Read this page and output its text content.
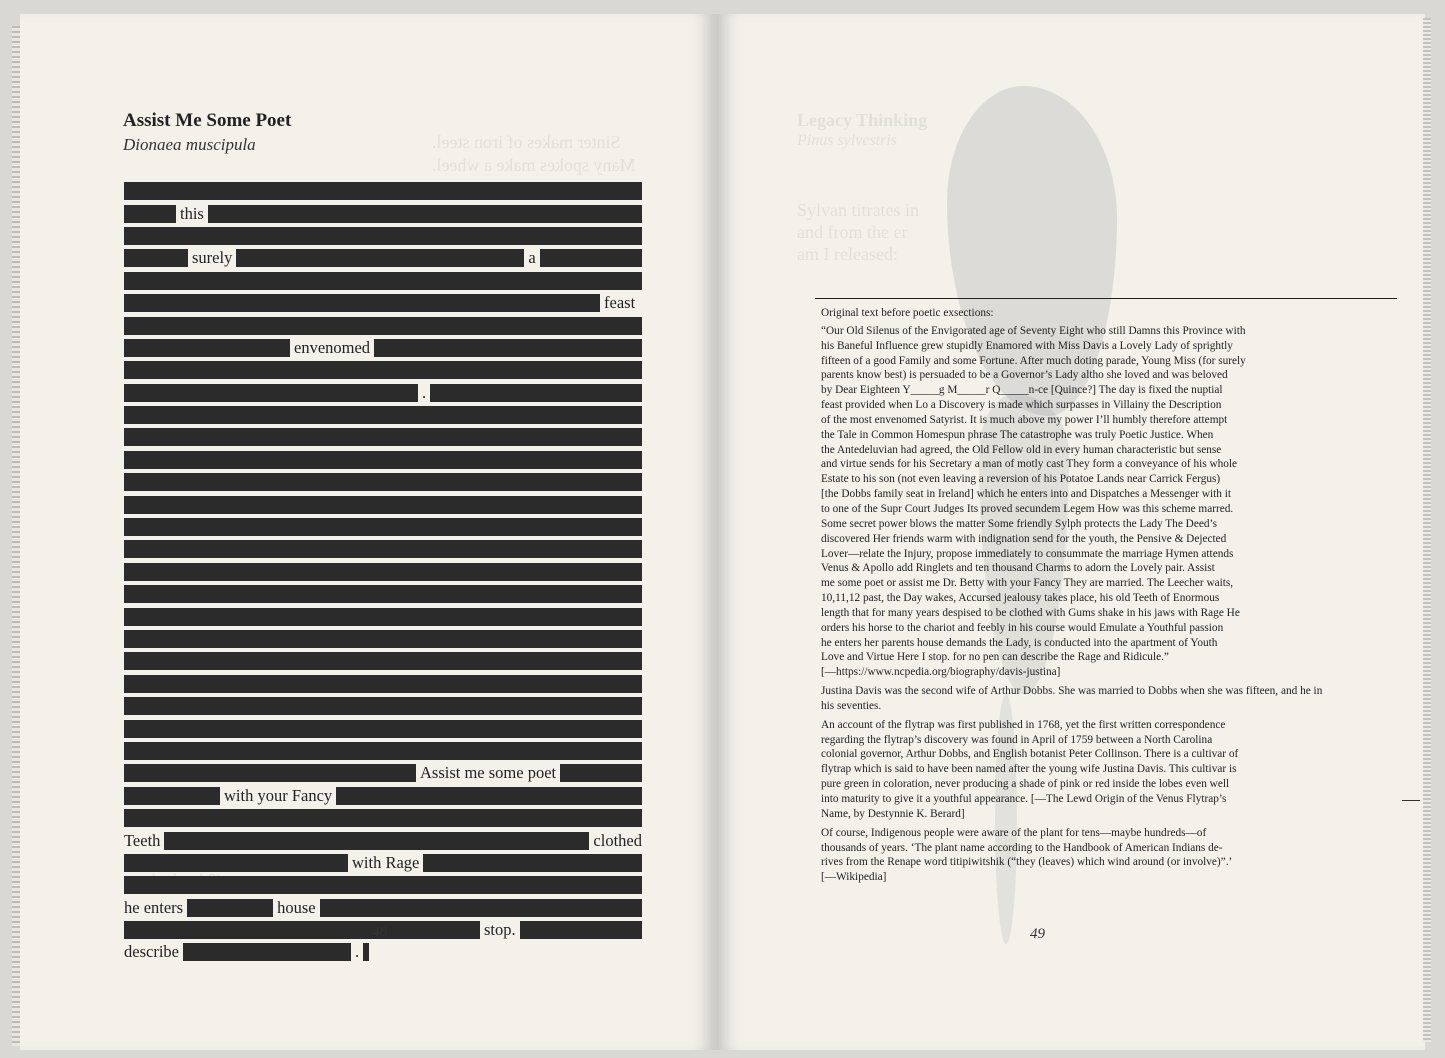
Sinter makes of iron steel.
Many spokes make a wheel.
Assist Me Some Poet
Dionaea muscipula
this
surely	a
feast
envenomed
.
Assist me some poet
with your Fancy
Teeth	clothed
with Rage
he enters	house
stop.
describe	.
48
Legacy Thinking
Pinus sylvestris
Sylvan titrates in
and from the er
am I released:

Original text before poetic exsections:

“Our Old Silenus of the Envigorated age of Seventy Eight who still Damns this Province with
his Baneful Influence grew stupidly Enamored with Miss Davis a Lovely Lady of sprightly
fifteen of a good Family and some Fortune. After much doting parade, Young Miss (for surely
parents know best) is persuaded to be a Governor’s Lady altho she loved and was beloved
by Dear Eighteen Y_____g M_____r Q_____n-ce [Quince?] The day is fixed the nuptial
feast provided when Lo a Discovery is made which surpasses in Villainy the Description
of the most envenomed Satyrist. It is much above my power I’ll humbly therefore attempt
the Tale in Common Homespun phrase The catastrophe was truly Poetic Justice. When
the Antedeluvian had agreed, the Old Fellow old in every human characteristic but sense
and virtue sends for his Secretary a man of motly cast They form a conveyance of his whole
Estate to his son (not even leaving a reversion of his Potatoe Lands near Carrick Fergus)
[the Dobbs family seat in Ireland] which he enters into and Dispatches a Messenger with it
to one of the Supr Court Judges Its proved secundem Legem How was this scheme marred.
Some secret power blows the matter Some friendly Sylph protects the Lady The Deed’s
discovered Her friends warm with indignation send for the youth, the Pensive & Dejected
Lover—relate the Injury, propose immediately to consummate the marriage Hymen attends
Venus & Apollo add Ringlets and ten thousand Charms to adorn the Lovely pair. Assist
me some poet or assist me Dr. Betty with your Fancy They are married. The Leecher waits,
10,11,12 past, the Day wakes, Accursed jealousy takes place, his old Teeth of Enormous
length that for many years despised to be clothed with Gums shake in his jaws with Rage He
orders his horse to the chariot and feebly in his course would Emulate a Youthful passion
he enters her parents house demands the Lady, is conducted into the apartment of Youth
Love and Virtue Here I stop. for no pen can describe the Rage and Ridicule.”
[—https://www.ncpedia.org/biography/davis-justina]

Justina Davis was the second wife of Arthur Dobbs. She was married to Dobbs when she was fifteen, and he in his seventies.

An account of the flytrap was first published in 1768, yet the first written correspondence
regarding the flytrap’s discovery was found in April of 1759 between a North Carolina
colonial governor, Arthur Dobbs, and English botanist Peter Collinson. There is a cultivar of
flytrap which is said to have been named after the young wife Justina Davis. This cultivar is
pure green in coloration, never producing a shade of pink or red inside the lobes even well
into maturity to give it a youthful appearance. [—The Lewd Origin of the Venus Flytrap’s
Name, by Destynnie K. Berard]
Of course, Indigenous people were aware of the plant for tens—maybe hundreds—of
thousands of years. ‘The plant name according to the Handbook of American Indians de-
rives from the Renape word titipiwitshik (“they (leaves) which wind around (or involve)”.’
[—Wikipedia]
49
